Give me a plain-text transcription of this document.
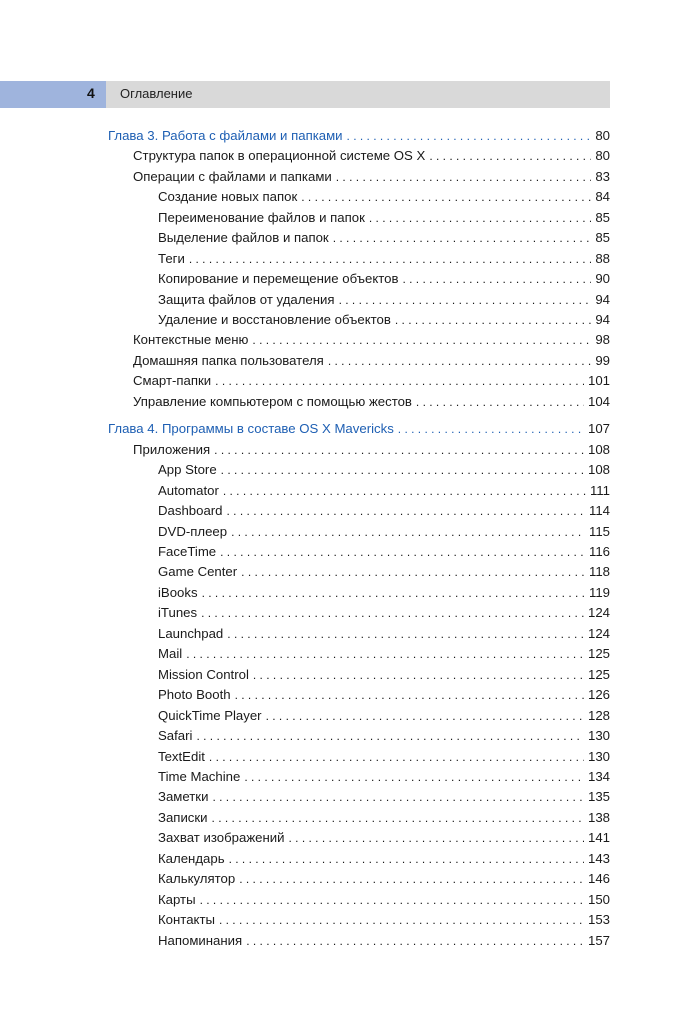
4 Оглавление
Глава 3. Работа с файлами и папками . . .	80
Структура папок в операционной системе OS X . . .	80
Операции с файлами и папками . . .	83
Создание новых папок . . .	84
Переименование файлов и папок . . .	85
Выделение файлов и папок . . .	85
Теги . . .	88
Копирование и перемещение объектов . . .	90
Защита файлов от удаления . . .	94
Удаление и восстановление объектов . . .	94
Контекстные меню . . .	98
Домашняя папка пользователя . . .	99
Смарт-папки . . .	101
Управление компьютером с помощью жестов . . .	104
Глава 4. Программы в составе OS X Mavericks . . .	107
Приложения . . .	108
App Store . . .	108
Automator . . .	111
Dashboard . . .	114
DVD-плеер . . .	115
FaceTime . . .	116
Game Center . . .	118
iBooks . . .	119
iTunes . . .	124
Launchpad . . .	124
Mail . . .	125
Mission Control . . .	125
Photo Booth . . .	126
QuickTime Player . . .	128
Safari . . .	130
TextEdit . . .	130
Time Machine . . .	134
Заметки . . .	135
Записки . . .	138
Захват изображений . . .	141
Календарь . . .	143
Калькулятор . . .	146
Карты . . .	150
Контакты . . .	153
Напоминания . . .	157
